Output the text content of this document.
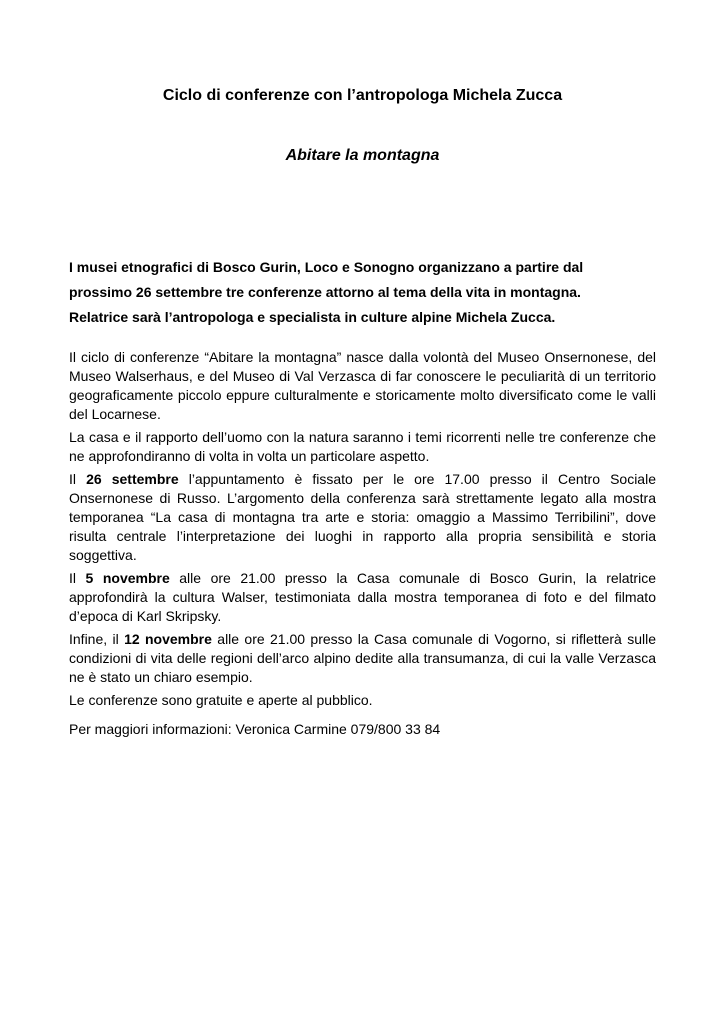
Ciclo di conferenze con l’antropologa Michela Zucca
Abitare la montagna
I musei etnografici di Bosco Gurin, Loco e Sonogno organizzano a partire dal
prossimo 26 settembre tre conferenze attorno al tema della vita in montagna.
Relatrice sarà l’antropologa e specialista in culture alpine Michela Zucca.

Il ciclo di conferenze “Abitare la montagna” nasce dalla volontà del Museo Onsernonese, del Museo Walserhaus, e del Museo di Val Verzasca di far conoscere le peculiarità di un territorio geograficamente piccolo eppure culturalmente e storicamente molto diversificato come le valli del Locarnese.

La casa e il rapporto dell’uomo con la natura saranno i temi ricorrenti nelle tre conferenze che ne approfondiranno di volta in volta un particolare aspetto.

Il 26 settembre l’appuntamento è fissato per le ore 17.00 presso il Centro Sociale Onsernonese di Russo. L’argomento della conferenza sarà strettamente legato alla mostra temporanea “La casa di montagna tra arte e storia: omaggio a Massimo Terribilini”, dove risulta centrale l’interpretazione dei luoghi in rapporto alla propria sensibilità e storia soggettiva.

Il 5 novembre alle ore 21.00 presso la Casa comunale di Bosco Gurin, la relatrice approfondirà la cultura Walser, testimoniata dalla mostra temporanea di foto e del filmato d’epoca di Karl Skripsky.

Infine, il 12 novembre alle ore 21.00 presso la Casa comunale di Vogorno, si rifletterà sulle condizioni di vita delle regioni dell’arco alpino dedite alla transumanza, di cui la valle Verzasca ne è stato un chiaro esempio.

Le conferenze sono gratuite e aperte al pubblico.

Per maggiori informazioni: Veronica Carmine 079/800 33 84
